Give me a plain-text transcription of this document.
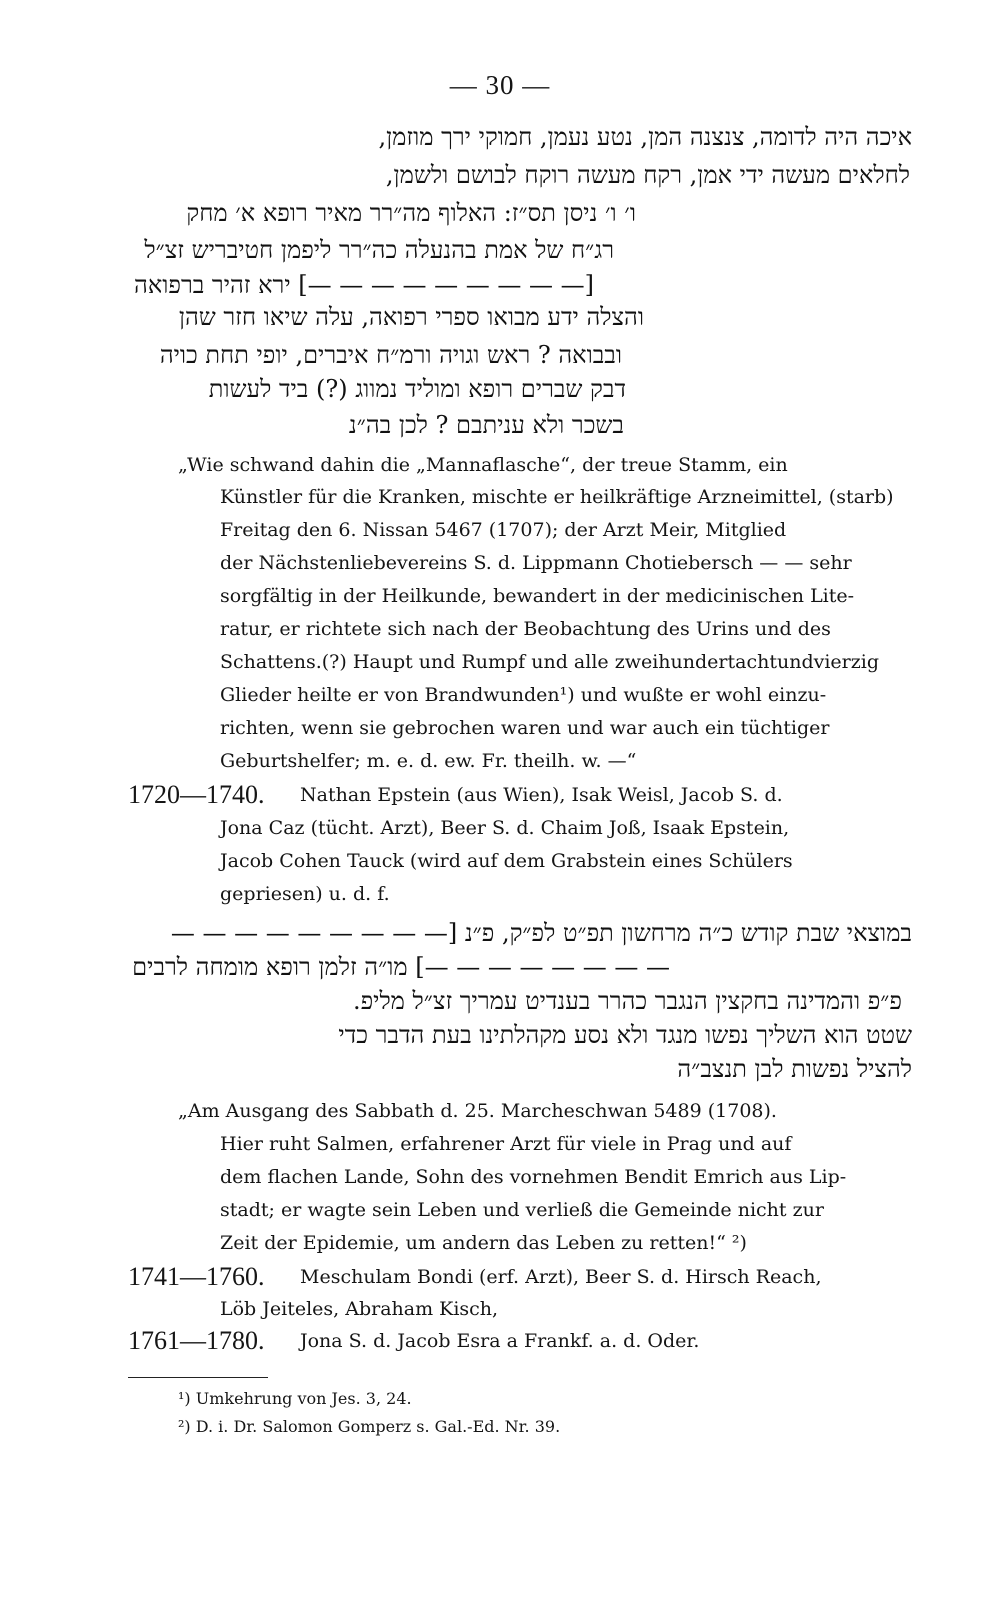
— 30 —
איכה היה לדומה, צנצנה המן, נטע נעמן, חמוקי ירך מוזמן,
לחלאים מעשה ידי אמן, רקח מעשה רוקח לבושם ולשמן,
ו׳ ו׳ ניסן תס״ז: האלוף מה״רר מאיר רופא א׳ מחק
רג״ח של אמת בהנעלה כה״רר ליפמן חטיבריש זצ״ל
[— — — — — — — — —] ירא זהיר ברפואה
והצלה ידע מבואו ספרי רפואה, עלה שיאו חזר שהן
ובבואה ? ראש וגויה ורמ״ח איברים, יופי תחת כויה
דבק שברים רופא ומוליד נמווג (?) ביד לעשות
בשכר ולא עניתבם ? לכן בה״נ
„Wie schwand dahin die „Mannaflasche“, der treue Stamm, ein
Künstler für die Kranken, mischte er heilkräftige Arzneimittel, (starb)
Freitag den 6. Nissan 5467 (1707); der Arzt Meir, Mitglied
der Nächstenliebevereins S. d. Lippmann Chotiebersch — — sehr
sorgfältig in der Heilkunde, bewandert in der medicinischen Lite-
ratur, er richtete sich nach der Beobachtung des Urins und des
Schattens.(?) Haupt und Rumpf und alle zweihundertachtundvierzig
Glieder heilte er von Brandwunden¹) und wußte er wohl einzu-
richten, wenn sie gebrochen waren und war auch ein tüchtiger
Geburtshelfer; m. e. d. ew. Fr. theilh. w. —“
1720—1740. Nathan Epstein (aus Wien), Isak Weisl, Jacob S. d.
Jona Caz (tücht. Arzt), Beer S. d. Chaim Joß, Isaak Epstein,
Jacob Cohen Tauck (wird auf dem Grabstein eines Schülers
gepriesen) u. d. f.
במוצאי שבת קודש כ״ה מרחשון תפ״ט לפ״ק, פ״נ [— — — — — — — — —
— — — — — — — —] מו״ה זלמן רופא מומחה לרבים
פ״פ והמדינה בחקצין הנגבר כהרר בענדיט עמריך זצ״ל מליפ.
שטט הוא השליך נפשו מנגד ולא נסע מקהלתינו בעת הדבר כדי
להציל נפשות לבן תנצב״ה
„Am Ausgang des Sabbath d. 25. Marcheschwan 5489 (1708).
Hier ruht Salmen, erfahrener Arzt für viele in Prag und auf
dem flachen Lande, Sohn des vornehmen Bendit Emrich aus Lip-
stadt; er wagte sein Leben und verließ die Gemeinde nicht zur
Zeit der Epidemie, um andern das Leben zu retten!“ ²)
1741—1760. Meschulam Bondi (erf. Arzt), Beer S. d. Hirsch Reach,
Löb Jeiteles, Abraham Kisch,
1761—1780. Jona S. d. Jacob Esra a Frankf. a. d. Oder.
¹) Umkehrung von Jes. 3, 24.
²) D. i. Dr. Salomon Gomperz s. Gal.-Ed. Nr. 39.
